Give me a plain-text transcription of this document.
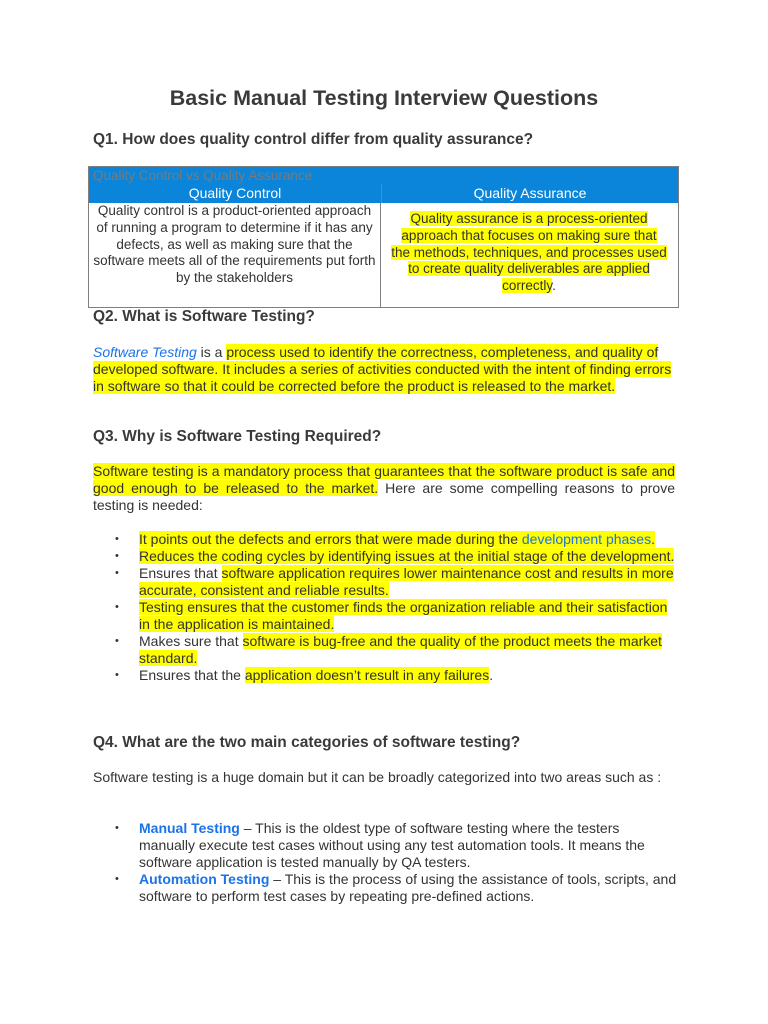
Basic Manual Testing Interview Questions
Q1. How does quality control differ from quality assurance?
Quality Control vs Quality Assurance
Quality Control	Quality Assurance
Quality control is a product-oriented approach of running a program to determine if it has any defects, as well as making sure that the software meets all of the requirements put forth by the stakeholders
Quality assurance is a process-oriented approach that focuses on making sure that the methods, techniques, and processes used to create quality deliverables are applied correctly.
Q2. What is Software Testing?
Software Testing is a process used to identify the correctness, completeness, and quality of developed software. It includes a series of activities conducted with the intent of finding errors in software so that it could be corrected before the product is released to the market.
Q3. Why is Software Testing Required?
Software testing is a mandatory process that guarantees that the software product is safe and good enough to be released to the market. Here are some compelling reasons to prove testing is needed:
• It points out the defects and errors that were made during the development phases.
• Reduces the coding cycles by identifying issues at the initial stage of the development.
• Ensures that software application requires lower maintenance cost and results in more accurate, consistent and reliable results.
• Testing ensures that the customer finds the organization reliable and their satisfaction in the application is maintained.
• Makes sure that software is bug-free and the quality of the product meets the market standard.
• Ensures that the application doesn’t result in any failures.
Q4. What are the two main categories of software testing?
Software testing is a huge domain but it can be broadly categorized into two areas such as :
• Manual Testing – This is the oldest type of software testing where the testers manually execute test cases without using any test automation tools. It means the software application is tested manually by QA testers.
• Automation Testing – This is the process of using the assistance of tools, scripts, and software to perform test cases by repeating pre-defined actions.
